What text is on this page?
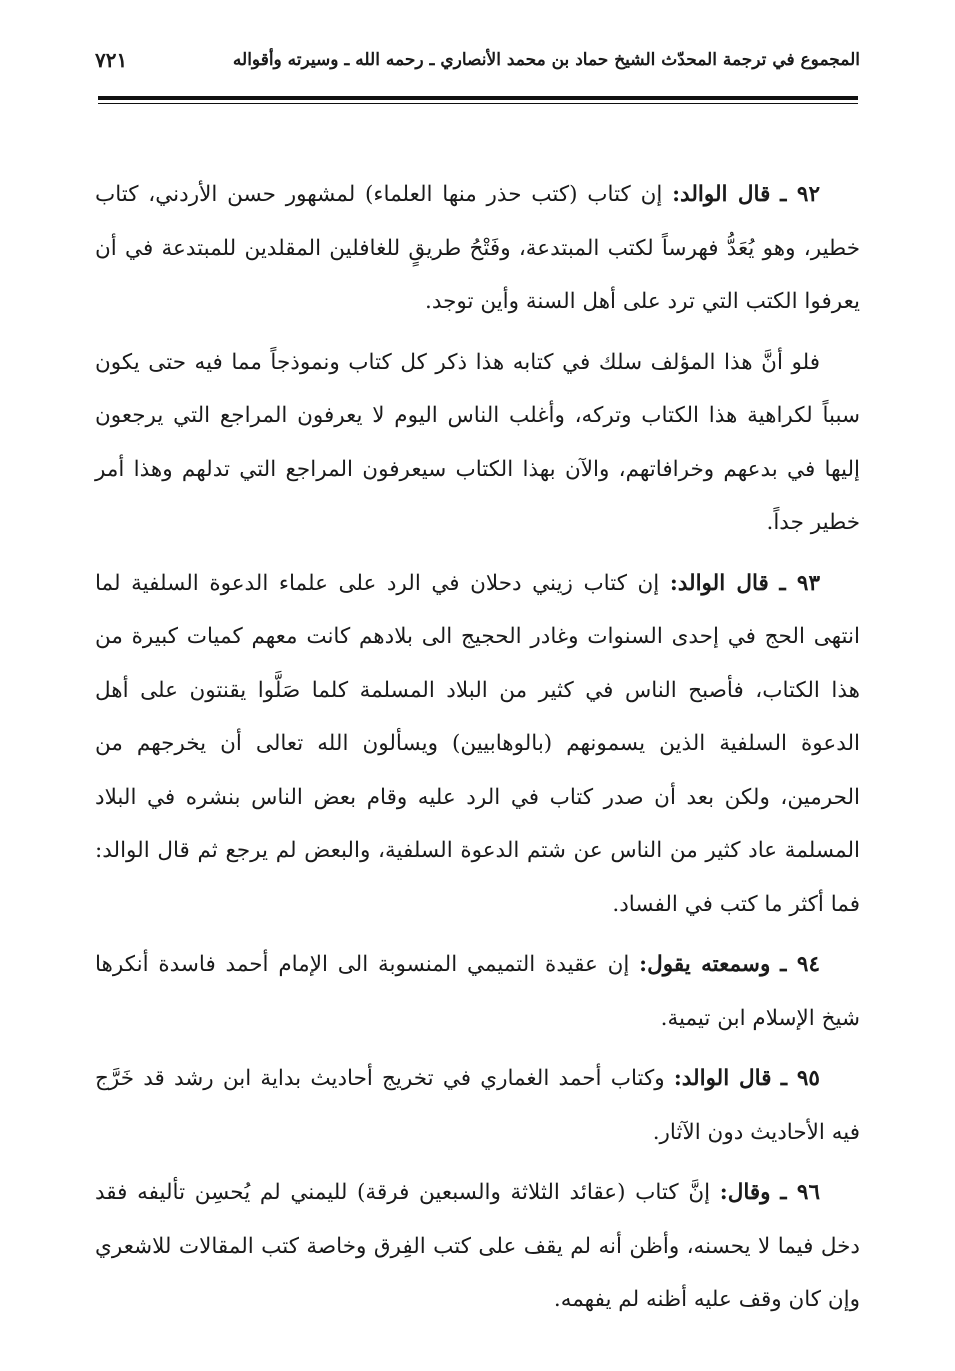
المجموع في ترجمة المحدّث الشيخ حماد بن محمد الأنصاري ـ رحمه الله ـ وسيرته وأقواله
٧٢١

٩٢ ـ قال الوالد: إن كتاب (كتب حذر منها العلماء) لمشهور حسن الأردني، كتاب خطير، وهو يُعَدُّ فهرساً لكتب المبتدعة، وفَتْحُ طريقٍ للغافلين المقلدين للمبتدعة في أن يعرفوا الكتب التي ترد على أهل السنة وأين توجد.

فلو أنَّ هذا المؤلف سلك في كتابه هذا ذكر كل كتاب ونموذجاً مما فيه حتى يكون سبباً لكراهية هذا الكتاب وتركه، وأغلب الناس اليوم لا يعرفون المراجع التي يرجعون إليها في بدعهم وخرافاتهم، والآن بهذا الكتاب سيعرفون المراجع التي تدلهم وهذا أمر خطير جداً.

٩٣ ـ قال الوالد: إن كتاب زيني دحلان في الرد على علماء الدعوة السلفية لما انتهى الحج في إحدى السنوات وغادر الحجيج الى بلادهم كانت معهم كميات كبيرة من هذا الكتاب، فأصبح الناس في كثير من البلاد المسلمة كلما صَلَّوا يقنتون على أهل الدعوة السلفية الذين يسمونهم (بالوهابيين) ويسألون الله تعالى أن يخرجهم من الحرمين، ولكن بعد أن صدر كتاب في الرد عليه وقام بعض الناس بنشره في البلاد المسلمة عاد كثير من الناس عن شتم الدعوة السلفية، والبعض لم يرجع ثم قال الوالد: فما أكثر ما كتب في الفساد.

٩٤ ـ وسمعته يقول: إن عقيدة التميمي المنسوبة الى الإمام أحمد فاسدة أنكرها شيخ الإسلام ابن تيمية.

٩٥ ـ قال الوالد: وكتاب أحمد الغماري في تخريج أحاديث بداية ابن رشد قد خَرَّج فيه الأحاديث دون الآثار.

٩٦ ـ وقال: إنَّ كتاب (عقائد الثلاثة والسبعين فرقة) لليمني لم يُحسِن تأليفه فقد دخل فيما لا يحسنه، وأظن أنه لم يقف على كتب الفِرق وخاصة كتب المقالات للاشعري وإن كان وقف عليه أظنه لم يفهمه.
